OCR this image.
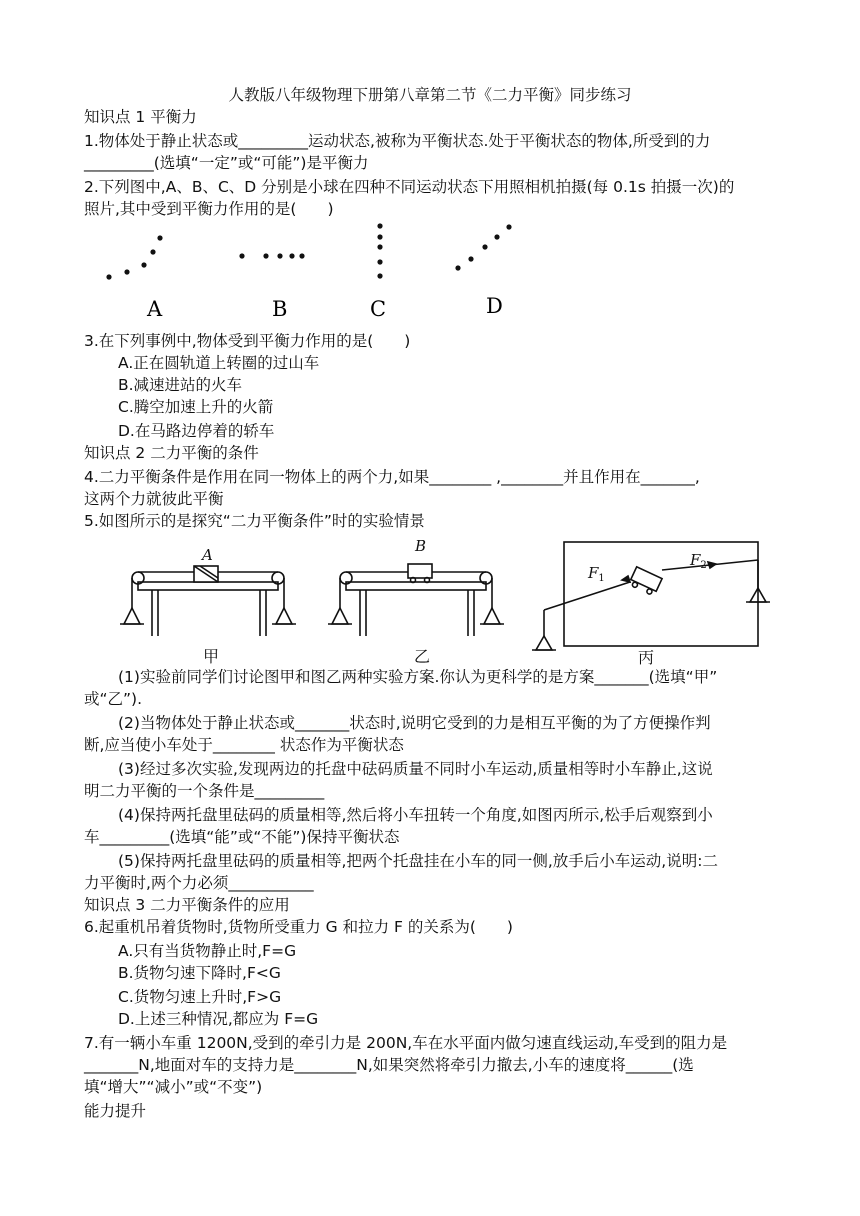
人教版八年级物理下册第八章第二节《二力平衡》同步练习
知识点 1 平衡力
1.物体处于静止状态或_________运动状态,被称为平衡状态.处于平衡状态的物体,所受到的力
_________(选填“一定”或“可能”)是平衡力
2.下列图中,A、B、C、D 分别是小球在四种不同运动状态下用照相机拍摄(每 0.1s 拍摄一次)的
照片,其中受到平衡力作用的是(　　)
A	B	C	D
3.在下列事例中,物体受到平衡力作用的是(　　)
A.正在圆轨道上转圈的过山车
B.减速进站的火车
C.腾空加速上升的火箭
D.在马路边停着的轿车
知识点 2 二力平衡的条件
4.二力平衡条件是作用在同一物体上的两个力,如果________ ,________并且作用在_______,
这两个力就彼此平衡
5.如图所示的是探究“二力平衡条件”时的实验情景
A
甲
B
乙
$F_1$
$F_2$
丙
(1)实验前同学们讨论图甲和图乙两种实验方案.你认为更科学的是方案_______(选填“甲”
或“乙”).
(2)当物体处于静止状态或_______状态时,说明它受到的力是相互平衡的为了方便操作判
断,应当使小车处于________ 状态作为平衡状态
(3)经过多次实验,发现两边的托盘中砝码质量不同时小车运动,质量相等时小车静止,这说
明二力平衡的一个条件是_________
(4)保持两托盘里砝码的质量相等,然后将小车扭转一个角度,如图丙所示,松手后观察到小
车_________(选填“能”或“不能”)保持平衡状态
(5)保持两托盘里砝码的质量相等,把两个托盘挂在小车的同一侧,放手后小车运动,说明:二
力平衡时,两个力必须___________
知识点 3 二力平衡条件的应用
6.起重机吊着货物时,货物所受重力 G 和拉力 F 的关系为(　　)
A.只有当货物静止时,F=G
B.货物匀速下降时,F<G
C.货物匀速上升时,F>G
D.上述三种情况,都应为 F=G
7.有一辆小车重 1200N,受到的牵引力是 200N,车在水平面内做匀速直线运动,车受到的阻力是
_______N,地面对车的支持力是________N,如果突然将牵引力撤去,小车的速度将______(选
填“增大”“减小”或“不变”)
能力提升
